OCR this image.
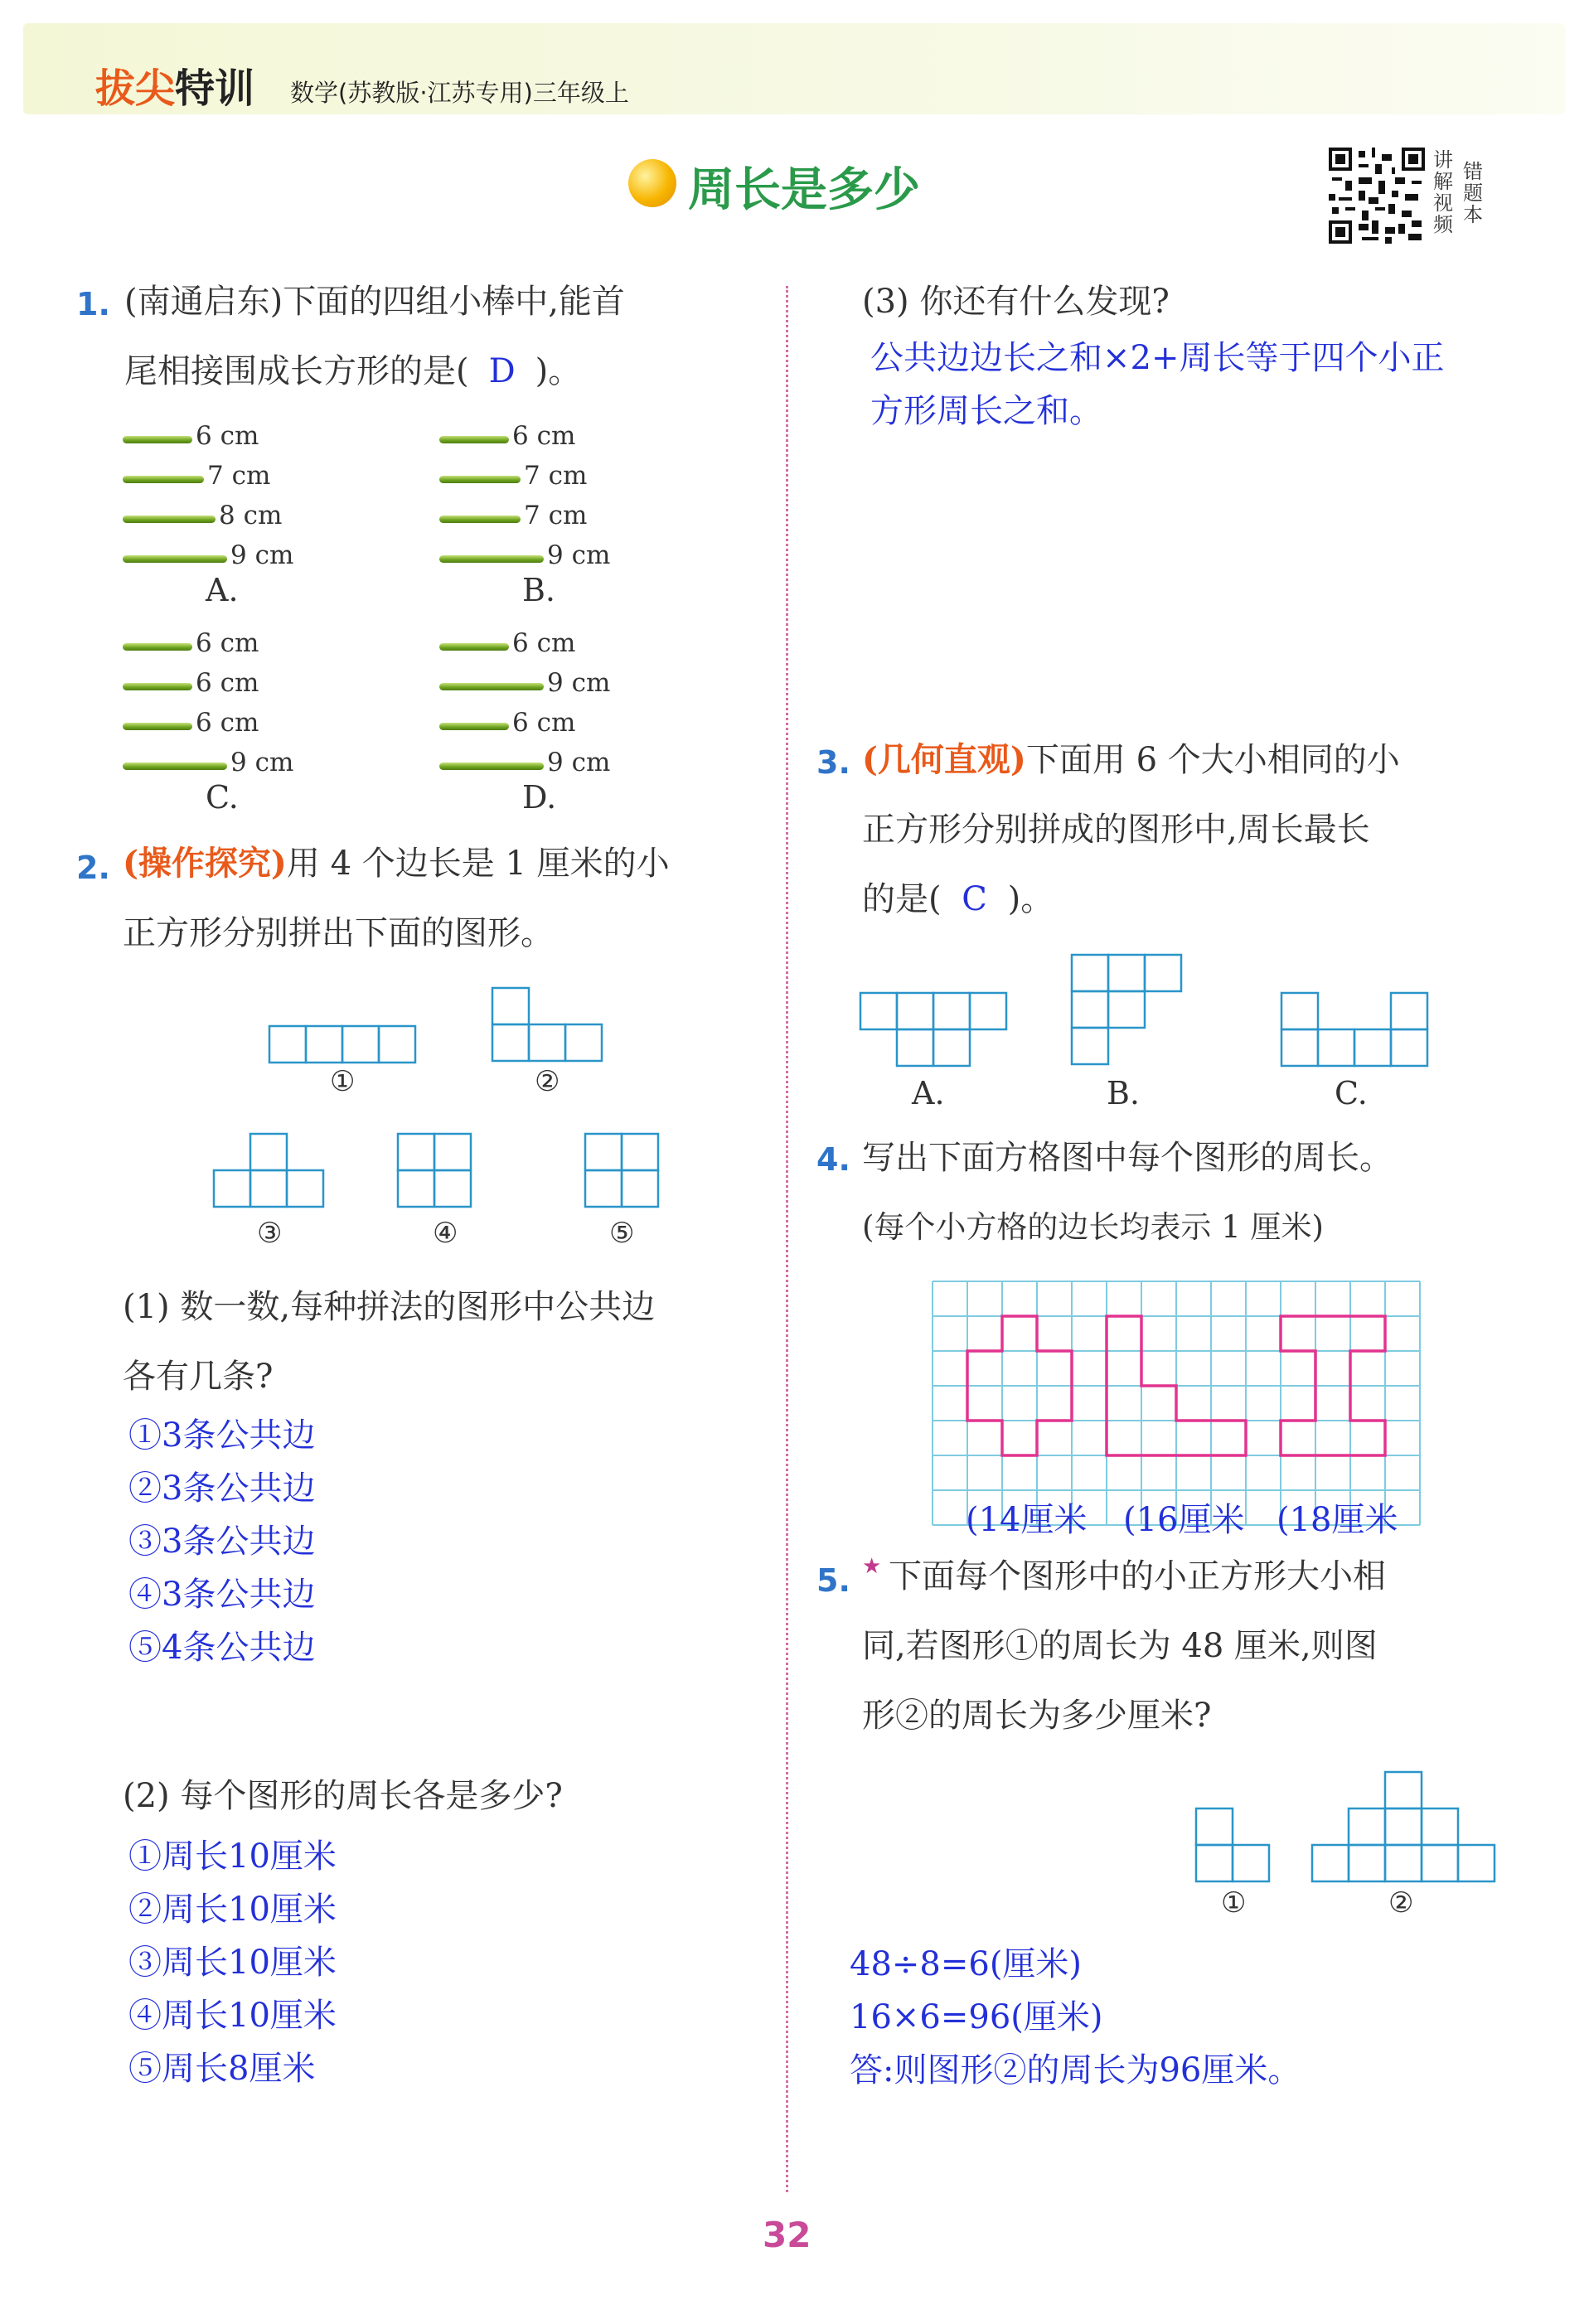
拔尖特训 数学(苏教版·江苏专用)三年级上
周长是多少
讲
解
视
频
错
题
本
1. (南通启东)下面的四组小棒中,能首
尾相接围成长方形的是( D )。
6 cm
7 cm
8 cm
9 cm
A.
6 cm
7 cm
7 cm
9 cm
B.
6 cm
6 cm
6 cm
9 cm
C.
6 cm
9 cm
6 cm
9 cm
D.
2. (操作探究)用 4 个边长是 1 厘米的小
正方形分别拼出下面的图形。
①	②
③	④	⑤
(1) 数一数,每种拼法的图形中公共边
各有几条?
①3条公共边
②3条公共边
③3条公共边
④3条公共边
⑤4条公共边
(2) 每个图形的周长各是多少?
①周长10厘米
②周长10厘米
③周长10厘米
④周长10厘米
⑤周长8厘米
(3) 你还有什么发现?
公共边边长之和×2+周长等于四个小正
方形周长之和。
3. (几何直观)下面用 6 个大小相同的小
正方形分别拼成的图形中,周长最长
的是( C )。
A.	B.	C.
4. 写出下面方格图中每个图形的周长。
(每个小方格的边长均表示 1 厘米)
(14厘米 (16厘米 (18厘米
5. ★ 下面每个图形中的小正方形大小相
同,若图形①的周长为 48 厘米,则图
形②的周长为多少厘米?
①	②
48÷8=6(厘米)
16×6=96(厘米)
答:则图形②的周长为96厘米。
32
